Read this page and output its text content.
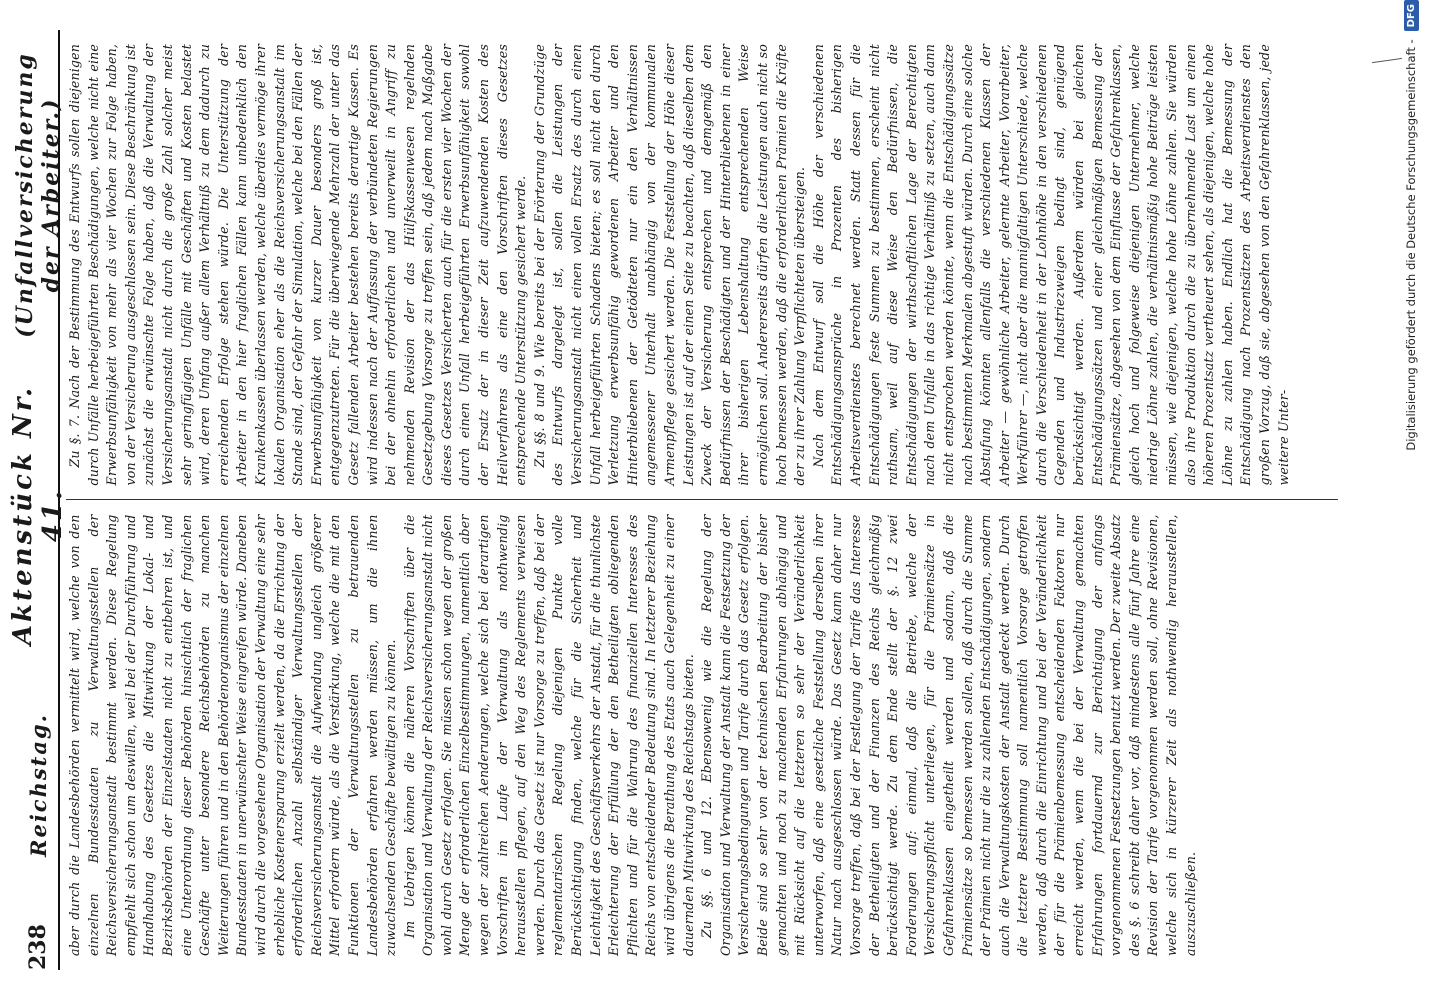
238
Reichstag.
Aktenstück Nr. 41.
(Unfallversicherung der Arbeiter.)

aber durch die Landesbehörden vermittelt wird, welche von den einzelnen Bundesstaaten zu Verwaltungsstellen der Reichsversicherungsanstalt bestimmt werden. Diese Regelung empfiehlt sich schon um deswillen, weil bei der Durchführung und Handhabung des Gesetzes die Mitwirkung der Lokal- und Bezirksbehörden der Einzelstaaten nicht zu entbehren ist, und eine Unterordnung dieser Behörden hinsichtlich der fraglichen Geschäfte unter besondere Reichsbehörden zu manchen Weiterungen führen und in den Behördenorganismus der einzelnen Bundesstaaten in unerwünschter Weise eingreifen würde. Daneben wird durch die vorgesehene Organisation der Verwaltung eine sehr erhebliche Kostenersparung erzielt werden, da die Errichtung der erforderlichen Anzahl selbständiger Verwaltungsstellen der Reichsversicherungsanstalt die Aufwendung ungleich größerer Mittel erfordern würde, als die Verstärkung, welche die mit den Funktionen der Verwaltungsstellen zu betrauenden Landesbehörden erfahren werden müssen, um die ihnen zuwachsenden Geschäfte bewältigen zu können. Im Uebrigen können die näheren Vorschriften über die Organisation und Verwaltung der Reichsversicherungsanstalt nicht wohl durch Gesetz erfolgen. Sie müssen schon wegen der großen Menge der erforderlichen Einzelbestimmungen, namentlich aber wegen der zahlreichen Aenderungen, welche sich bei derartigen Vorschriften im Laufe der Verwaltung als nothwendig herausstellen pflegen, auf den Weg des Reglements verwiesen werden. Durch das Gesetz ist nur Vorsorge zu treffen, daß bei der reglementarischen Regelung diejenigen Punkte volle Berücksichtigung finden, welche für die Sicherheit und Leichtigkeit des Geschäftsverkehrs der Anstalt, für die thunlichste Erleichterung der Erfüllung der den Betheiligten obliegenden Pflichten und für die Wahrung des finanziellen Interesses des Reichs von entscheidender Bedeutung sind. In letzterer Beziehung wird übrigens die Berathung des Etats auch Gelegenheit zu einer dauernden Mitwirkung des Reichstags bieten. Zu §§. 6 und 12. Ebensowenig wie die Regelung der Organisation und Verwaltung der Anstalt kann die Festsetzung der Versicherungsbedingungen und Tarife durch das Gesetz erfolgen. Beide sind so sehr von der technischen Bearbeitung der bisher gemachten und noch zu machenden Erfahrungen abhängig und mit Rücksicht auf die letzteren so sehr der Veränderlichkeit unterworfen, daß eine gesetzliche Feststellung derselben ihrer Natur nach ausgeschlossen würde. Das Gesetz kann daher nur Vorsorge treffen, daß bei der Festlegung der Tarife das Interesse der Betheiligten und der Finanzen des Reichs gleichmäßig berücksichtigt werde. Zu dem Ende stellt der §. 12 zwei Forderungen auf: einmal, daß die Betriebe, welche der Versicherungspflicht unterliegen, für die Prämiensätze in Gefahrenklassen eingetheilt werden und sodann, daß die Prämiensätze so bemessen werden sollen, daß durch die Summe der Prämien nicht nur die zu zahlenden Entschädigungen, sondern auch die Verwaltungskosten der Anstalt gedeckt werden. Durch die letztere Bestimmung soll namentlich Vorsorge getroffen werden, daß durch die Einrichtung und bei der Veränderlichkeit der für die Prämienbemessung entscheidenden Faktoren nur erreicht werden, wenn die bei der Verwaltung gemachten Erfahrungen fortdauernd zur Berichtigung der anfangs vorgenommenen Festsetzungen benutzt werden. Der zweite Absatz des §. 6 schreibt daher vor, daß mindestens alle fünf Jahre eine Revision der Tarife vorgenommen werden soll, ohne Revisionen, welche sich in kürzerer Zeit als nothwendig herausstellen, auszuschließen.

Zu §. 7. Nach der Bestimmung des Entwurfs sollen diejenigen durch Unfälle herbeigeführten Beschädigungen, welche nicht eine Erwerbsunfähigkeit von mehr als vier Wochen zur Folge haben, von der Versicherung ausgeschlossen sein. Diese Beschränkung ist zunächst die erwünschte Folge haben, daß die Verwaltung der Versicherungsanstalt nicht durch die große Zahl solcher meist sehr geringfügigen Unfälle mit Geschäften und Kosten belastet wird, deren Umfang außer allem Verhältniß zu dem dadurch zu erreichenden Erfolge stehen würde. Die Unterstützung der Arbeiter in den hier fraglichen Fällen kann unbedenklich den Krankenkassen überlassen werden, welche überdies vermöge ihrer lokalen Organisation eher als die Reichsversicherungsanstalt im Stande sind, der Gefahr der Simulation, welche bei den Fällen der Erwerbsunfähigkeit von kurzer Dauer besonders groß ist, entgegenzutreten. Für die überwiegende Mehrzahl der unter das Gesetz fallenden Arbeiter bestehen bereits derartige Kassen. Es wird indessen nach der Auffassung der verbündeten Regierungen bei der ohnehin erforderlichen und unverweilt in Angriff zu nehmenden Revision der das Hülfskassenwesen regelnden Gesetzgebung Vorsorge zu treffen sein, daß jedem nach Maßgabe dieses Gesetzes Versicherten auch für die ersten vier Wochen der durch einen Unfall herbeigeführten Erwerbsunfähigkeit sowohl der Ersatz der in dieser Zeit aufzuwendenden Kosten des Heilverfahrens als eine den Vorschriften dieses Gesetzes entsprechende Unterstützung gesichert werde. Zu §§. 8 und 9. Wie bereits bei der Erörterung der Grundzüge des Entwurfs dargelegt ist, sollen die Leistungen der Versicherungsanstalt nicht einen vollen Ersatz des durch einen Unfall herbeigeführten Schadens bieten; es soll nicht den durch Verletzung erwerbsunfähig gewordenen Arbeiter und den Hinterbliebenen der Getödteten nur ein den Verhältnissen angemessener Unterhalt unabhängig von der kommunalen Armenpflege gesichert werden. Die Feststellung der Höhe dieser Leistungen ist auf der einen Seite zu beachten, daß dieselben dem Zweck der Versicherung entsprechen und demgemäß den Bedürfnissen der Beschädigten und der Hinterbliebenen in einer ihrer bisherigen Lebenshaltung entsprechenden Weise ermöglichen soll. Andererseits dürfen die Leistungen auch nicht so hoch bemessen werden, daß die erforderlichen Prämien die Kräfte der zu ihrer Zahlung Verpflichteten übersteigen. Nach dem Entwurf soll die Höhe der verschiedenen Entschädigungsansprüche in Prozenten des bisherigen Arbeitsverdienstes berechnet werden. Statt dessen für die Entschädigungen feste Summen zu bestimmen, erscheint nicht rathsam, weil auf diese Weise den Bedürfnissen, die Entschädigungen der wirthschaftlichen Lage der Berechtigten nach dem Unfalle in das richtige Verhältniß zu setzen, auch dann nicht entsprochen werden könnte, wenn die Entschädigungssätze nach bestimmten Merkmalen abgestuft würden. Durch eine solche Abstufung könnten allenfalls die verschiedenen Klassen der Arbeiter — gewöhnliche Arbeiter, gelernte Arbeiter, Vorarbeiter, Werkführer —, nicht aber die mannigfaltigen Unterschiede, welche durch die Verschiedenheit in der Lohnhöhe in den verschiedenen Gegenden und Industriezweigen bedingt sind, genügend berücksichtigt werden. Außerdem würden bei gleichen Entschädigungssätzen und einer gleichmäßigen Bemessung der Prämiensätze, abgesehen von dem Einflusse der Gefahrenklassen, gleich hoch und folgeweise diejenigen Unternehmer, welche niedrige Löhne zahlen, die verhältnismäßig hohe Beiträge leisten müssen, wie diejenigen, welche hohe Löhne zahlen. Sie würden also ihre Produktion durch die zu übernehmende Last um einen höheren Prozentsatz vertheuert sehen, als diejenigen, welche hohe Löhne zu zahlen haben. Endlich hat die Bemessung der Entschädigung nach Prozentsätzen des Arbeitsverdienstes den großen Vorzug, daß sie, abgesehen von den Gefahrenklassen, jede weitere Unter-	Digitalisierung gefördert durch die Deutsche Forschungsgemeinschaft -
DFG
